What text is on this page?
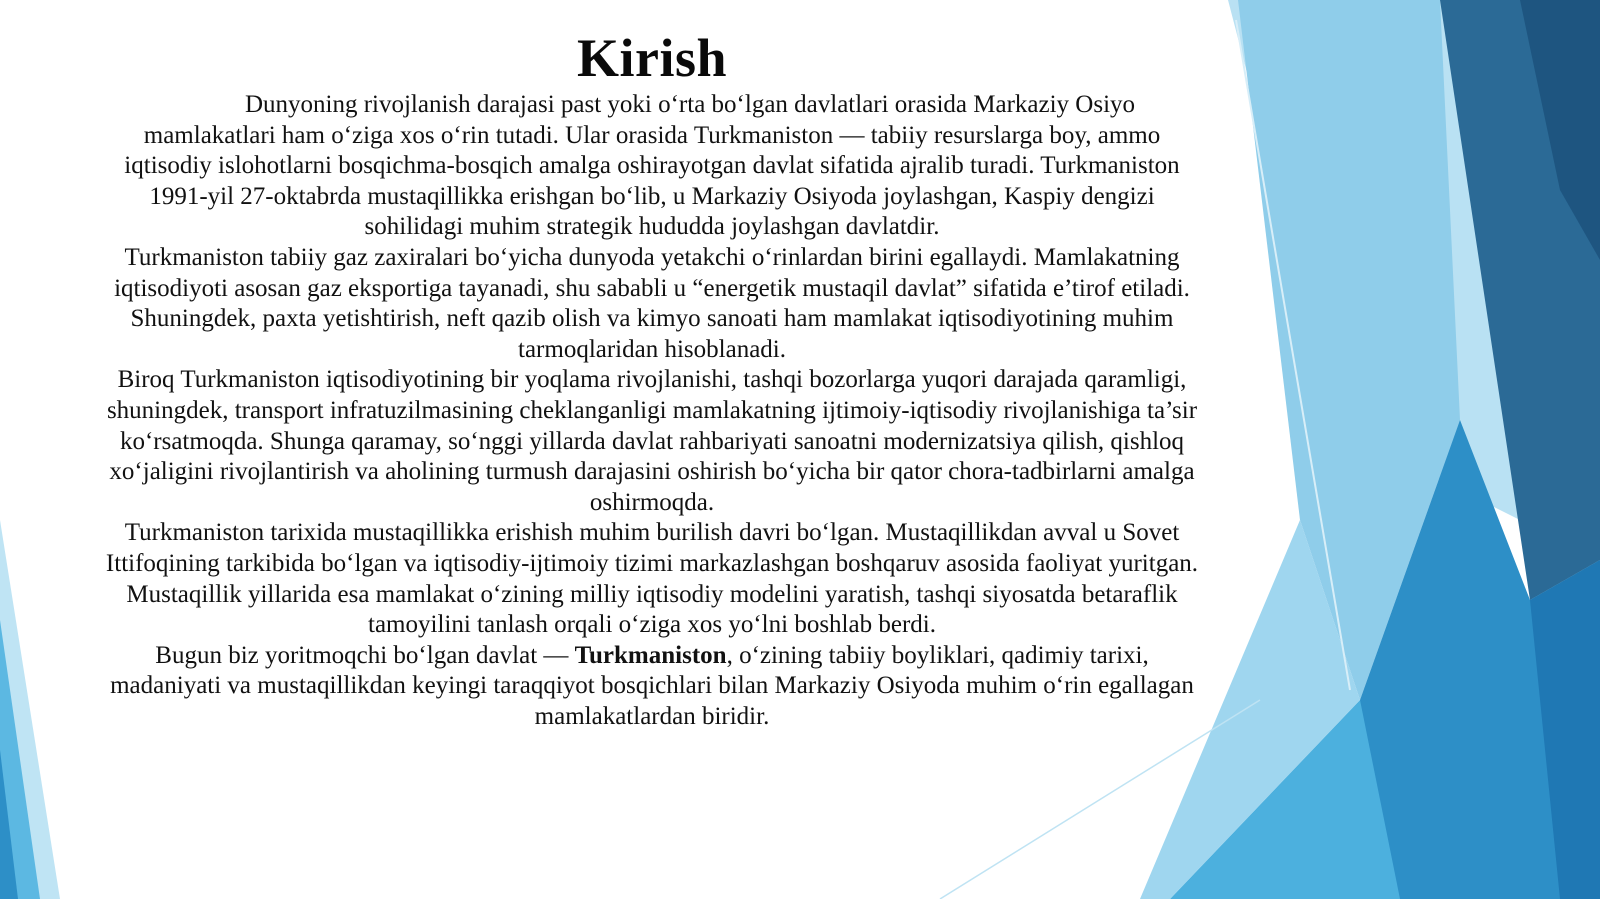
Kirish

Dunyoning rivojlanish darajasi past yoki o‘rta bo‘lgan davlatlari orasida Markaziy Osiyo mamlakatlari ham o‘ziga xos o‘rin tutadi. Ular orasida Turkmaniston — tabiiy resurslarga boy, ammo iqtisodiy islohotlarni bosqichma-bosqich amalga oshirayotgan davlat sifatida ajralib turadi. Turkmaniston 1991-yil 27-oktabrda mustaqillikka erishgan bo‘lib, u Markaziy Osiyoda joylashgan, Kaspiy dengizi sohilidagi muhim strategik hududda joylashgan davlatdir.

Turkmaniston tabiiy gaz zaxiralari bo‘yicha dunyoda yetakchi o‘rinlardan birini egallaydi. Mamlakatning iqtisodiyoti asosan gaz eksportiga tayanadi, shu sababli u “energetik mustaqil davlat” sifatida e’tirof etiladi. Shuningdek, paxta yetishtirish, neft qazib olish va kimyo sanoati ham mamlakat iqtisodiyotining muhim tarmoqlaridan hisoblanadi.

Biroq Turkmaniston iqtisodiyotining bir yoqlama rivojlanishi, tashqi bozorlarga yuqori darajada qaramligi, shuningdek, transport infratuzilmasining cheklanganligi mamlakatning ijtimoiy-iqtisodiy rivojlanishiga ta’sir ko‘rsatmoqda. Shunga qaramay, so‘nggi yillarda davlat rahbariyati sanoatni modernizatsiya qilish, qishloq xo‘jaligini rivojlantirish va aholining turmush darajasini oshirish bo‘yicha bir qator chora-tadbirlarni amalga oshirmoqda.

Turkmaniston tarixida mustaqillikka erishish muhim burilish davri bo‘lgan. Mustaqillikdan avval u Sovet Ittifoqining tarkibida bo‘lgan va iqtisodiy-ijtimoiy tizimi markazlashgan boshqaruv asosida faoliyat yuritgan. Mustaqillik yillarida esa mamlakat o‘zining milliy iqtisodiy modelini yaratish, tashqi siyosatda betaraflik tamoyilini tanlash orqali o‘ziga xos yo‘lni boshlab berdi.

Bugun biz yoritmoqchi bo‘lgan davlat — Turkmaniston, o‘zining tabiiy boyliklari, qadimiy tarixi, madaniyati va mustaqillikdan keyingi taraqqiyot bosqichlari bilan Markaziy Osiyoda muhim o‘rin egallagan mamlakatlardan biridir.
